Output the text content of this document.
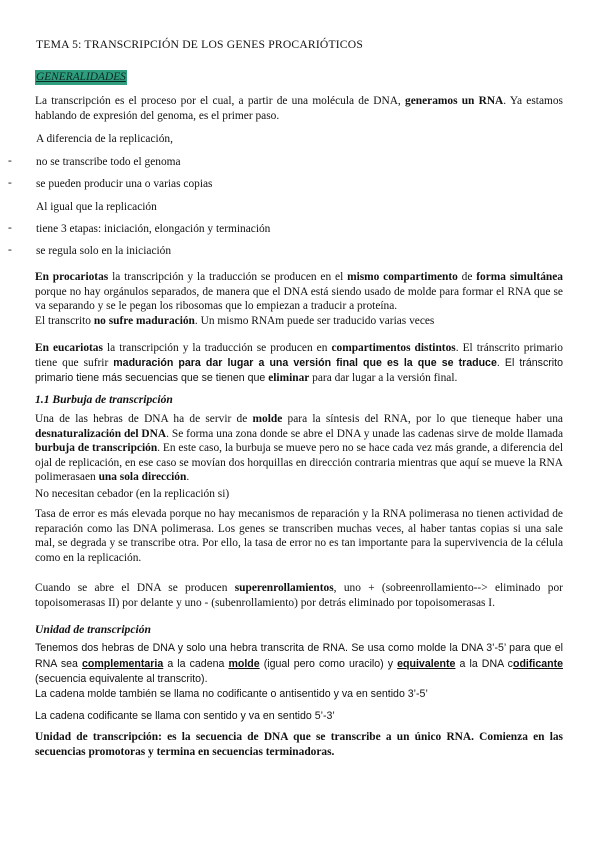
TEMA 5: TRANSCRIPCIÓN DE LOS GENES PROCARIÓTICOS
GENERALIDADES

La transcripción es el proceso por el cual, a partir de una molécula de DNA, generamos un RNA. Ya estamos hablando de expresión del genoma, es el primer paso.

A diferencia de la replicación,
- no se transcribe todo el genoma
- se pueden producir una o varias copias
Al igual que la replicación
- tiene 3 etapas: iniciación, elongación y terminación
- se regula solo en la iniciación

En procariotas la transcripción y la traducción se producen en el mismo compartimento de forma simultánea porque no hay orgánulos separados, de manera que el DNA está siendo usado de molde para formar el RNA que se va separando y se le pegan los ribosomas que lo empiezan a traducir a proteína.
El transcrito no sufre maduración. Un mismo RNAm puede ser traducido varias veces

En eucariotas la transcripción y la traducción se producen en compartimentos distintos. El tránscrito primario tiene que sufrir maduración para dar lugar a una versión final que es la que se traduce. El tránscrito primario tiene más secuencias que se tienen que eliminar para dar lugar a la versión final.

1.1 Burbuja de transcripción

Una de las hebras de DNA ha de servir de molde para la síntesis del RNA, por lo que tieneque haber una desnaturalización del DNA. Se forma una zona donde se abre el DNA y unade las cadenas sirve de molde llamada burbuja de transcripción. En este caso, la burbuja se mueve pero no se hace cada vez más grande, a diferencia del ojal de replicación, en ese caso se movían dos horquillas en dirección contraria mientras que aquí se mueve la RNA polimerasaen una sola dirección.

No necesitan cebador (en la replicación si)

Tasa de error es más elevada porque no hay mecanismos de reparación y la RNA polimerasa no tienen actividad de reparación como las DNA polimerasa. Los genes se transcriben muchas veces, al haber tantas copias si una sale mal, se degrada y se transcribe otra. Por ello, la tasa de error no es tan importante para la supervivencia de la célula como en la replicación.

Cuando se abre el DNA se producen superenrollamientos, uno + (sobreenrollamiento--> eliminado por topoisomerasas II) por delante y uno - (subenrollamiento) por detrás eliminado por topoisomerasas I.

Unidad de transcripción

Tenemos dos hebras de DNA y solo una hebra transcrita de RNA. Se usa como molde la DNA 3’-5’ para que el RNA sea complementaria a la cadena molde (igual pero como uracilo) y equivalente a la DNA codificante (secuencia equivalente al transcrito).

La cadena molde también se llama no codificante o antisentido y va en sentido 3’-5’

La cadena codificante se llama con sentido y va en sentido 5’-3’

Unidad de transcripción: es la secuencia de DNA que se transcribe a un único RNA. Comienza en las secuencias promotoras y termina en secuencias terminadoras.
